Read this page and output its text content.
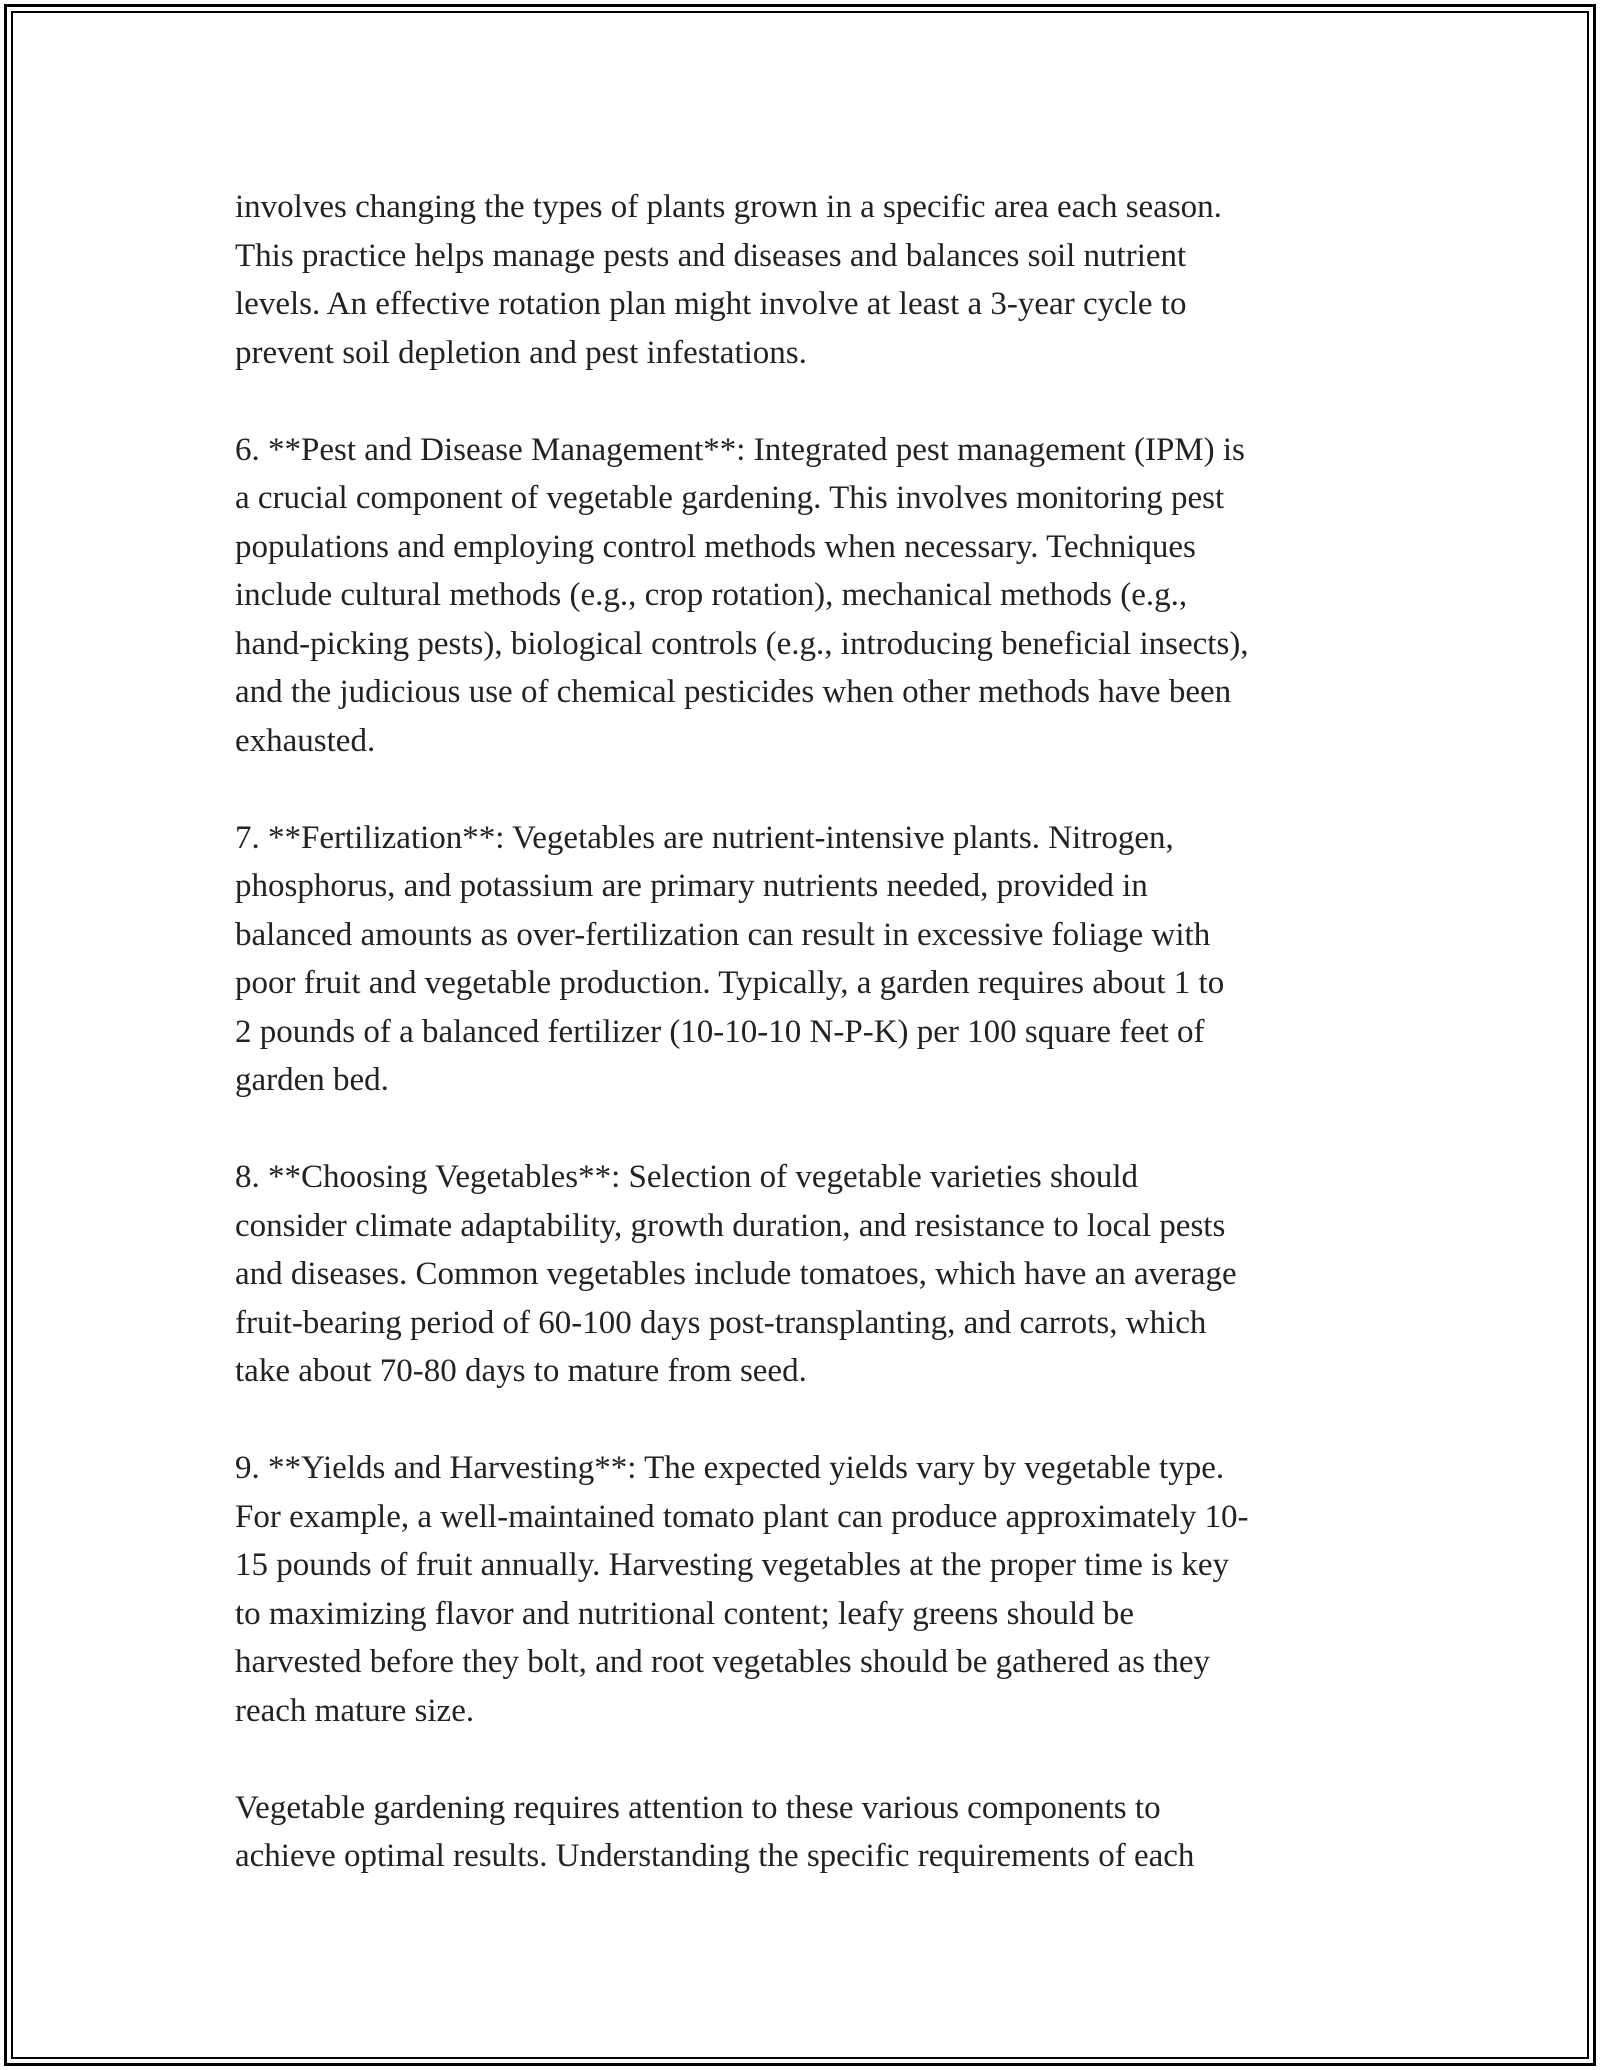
involves changing the types of plants grown in a specific area each season.
This practice helps manage pests and diseases and balances soil nutrient
levels. An effective rotation plan might involve at least a 3-year cycle to
prevent soil depletion and pest infestations.
6. **Pest and Disease Management**: Integrated pest management (IPM) is
a crucial component of vegetable gardening. This involves monitoring pest
populations and employing control methods when necessary. Techniques
include cultural methods (e.g., crop rotation), mechanical methods (e.g.,
hand-picking pests), biological controls (e.g., introducing beneficial insects),
and the judicious use of chemical pesticides when other methods have been
exhausted.
7. **Fertilization**: Vegetables are nutrient-intensive plants. Nitrogen,
phosphorus, and potassium are primary nutrients needed, provided in
balanced amounts as over-fertilization can result in excessive foliage with
poor fruit and vegetable production. Typically, a garden requires about 1 to
2 pounds of a balanced fertilizer (10-10-10 N-P-K) per 100 square feet of
garden bed.
8. **Choosing Vegetables**: Selection of vegetable varieties should
consider climate adaptability, growth duration, and resistance to local pests
and diseases. Common vegetables include tomatoes, which have an average
fruit-bearing period of 60-100 days post-transplanting, and carrots, which
take about 70-80 days to mature from seed.
9. **Yields and Harvesting**: The expected yields vary by vegetable type.
For example, a well-maintained tomato plant can produce approximately 10-
15 pounds of fruit annually. Harvesting vegetables at the proper time is key
to maximizing flavor and nutritional content; leafy greens should be
harvested before they bolt, and root vegetables should be gathered as they
reach mature size.
Vegetable gardening requires attention to these various components to
achieve optimal results. Understanding the specific requirements of each
